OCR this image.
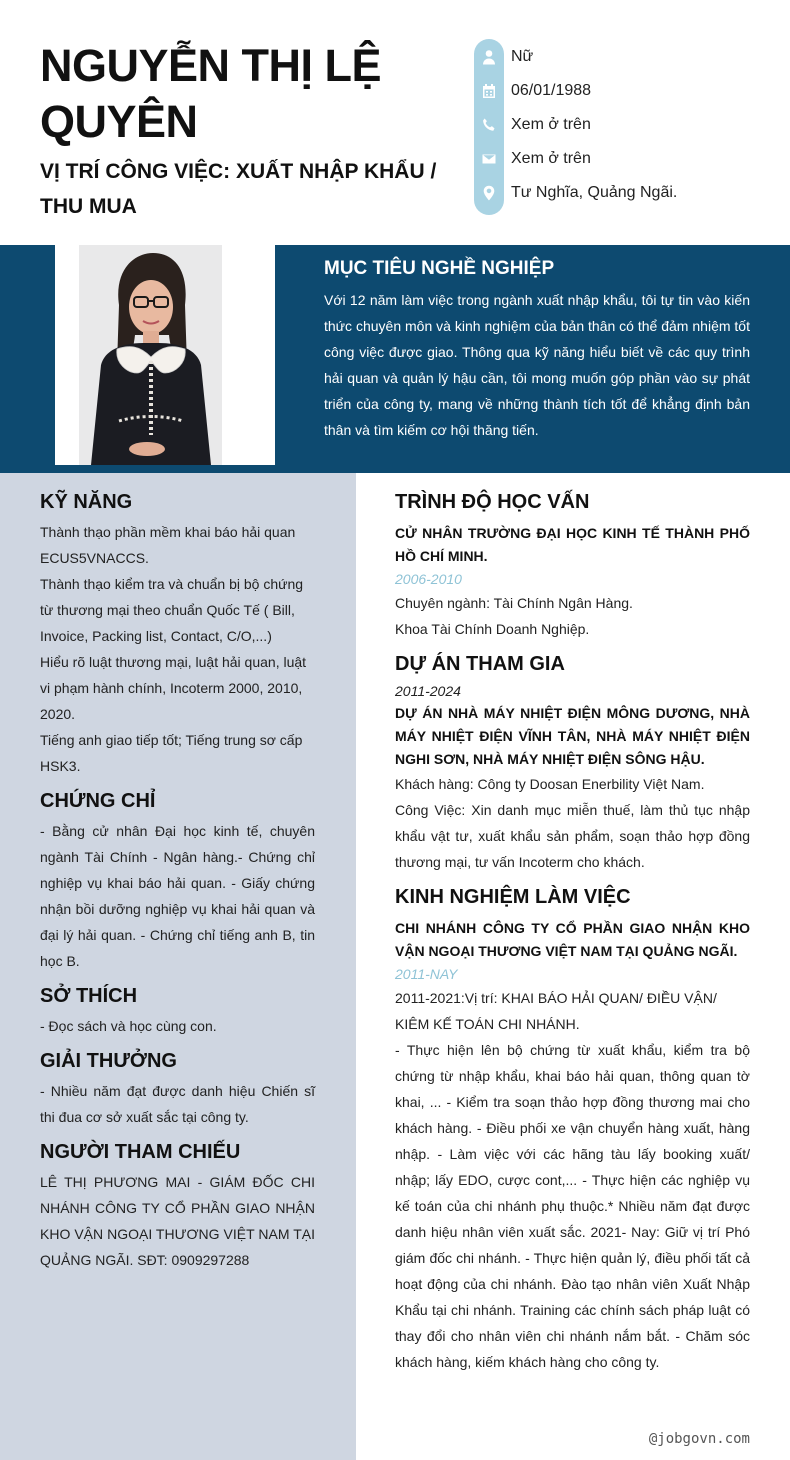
NGUYỄN THỊ LỆ QUYÊN
VỊ TRÍ CÔNG VIỆC: XUẤT NHẬP KHẨU / THU MUA
Nữ
06/01/1988
Xem ở trên
Xem ở trên
Tư Nghĩa, Quảng Ngãi.
MỤC TIÊU NGHỀ NGHIỆP
Với 12 năm làm việc trong ngành xuất nhập khẩu, tôi tự tin vào kiến thức chuyên môn và kinh nghiệm của bản thân có thể đảm nhiệm tốt công việc được giao. Thông qua kỹ năng hiểu biết về các quy trình hải quan và quản lý hậu cần, tôi mong muốn góp phần vào sự phát triển của công ty, mang về những thành tích tốt để khẳng định bản thân và tìm kiếm cơ hội thăng tiến.
KỸ NĂNG
Thành thạo phần mềm khai báo hải quan ECUS5VNACCS.
Thành thạo kiểm tra và chuẩn bị bộ chứng từ thương mại theo chuẩn Quốc Tế ( Bill, Invoice, Packing list, Contact, C/O,...)
Hiểu rõ luật thương mại, luật hải quan, luật vi phạm hành chính, Incoterm 2000, 2010, 2020.
Tiếng anh giao tiếp tốt; Tiếng trung sơ cấp HSK3.
CHỨNG CHỈ
- Bằng cử nhân Đại học kinh tế, chuyên ngành Tài Chính - Ngân hàng.- Chứng chỉ nghiệp vụ khai báo hải quan. - Giấy chứng nhận bồi dưỡng nghiệp vụ khai hải quan và đại lý hải quan. - Chứng chỉ tiếng anh B, tin học B.
SỞ THÍCH
- Đọc sách và học cùng con.
GIẢI THƯỞNG
- Nhiều năm đạt được danh hiệu Chiến sĩ thi đua cơ sở xuất sắc tại công ty.
NGƯỜI THAM CHIẾU
LÊ THỊ PHƯƠNG MAI - GIÁM ĐỐC CHI NHÁNH CÔNG TY CỔ PHẦN GIAO NHẬN KHO VẬN NGOẠI THƯƠNG VIỆT NAM TẠI QUẢNG NGÃI. SĐT: 0909297288
TRÌNH ĐỘ HỌC VẤN
CỬ NHÂN TRƯỜNG ĐẠI HỌC KINH TẾ THÀNH PHỐ HỒ CHÍ MINH.
2006-2010
Chuyên ngành: Tài Chính Ngân Hàng.
Khoa Tài Chính Doanh Nghiệp.
DỰ ÁN THAM GIA
2011-2024
DỰ ÁN NHÀ MÁY NHIỆT ĐIỆN MÔNG DƯƠNG, NHÀ MÁY NHIỆT ĐIỆN VĨNH TÂN, NHÀ MÁY NHIỆT ĐIỆN NGHI SƠN, NHÀ MÁY NHIỆT ĐIỆN SÔNG HẬU.
Khách hàng: Công ty Doosan Enerbility Việt Nam.
Công Việc: Xin danh mục miễn thuế, làm thủ tục nhập khẩu vật tư, xuất khẩu sản phẩm, soạn thảo hợp đồng thương mại, tư vấn Incoterm cho khách.
KINH NGHIỆM LÀM VIỆC
CHI NHÁNH CÔNG TY CỔ PHẦN GIAO NHẬN KHO VẬN NGOẠI THƯƠNG VIỆT NAM TẠI QUẢNG NGÃI.
2011-NAY
2011-2021:Vị trí: KHAI BÁO HẢI QUAN/ ĐIỀU VẬN/ KIÊM KẾ TOÁN CHI NHÁNH.
- Thực hiện lên bộ chứng từ xuất khẩu, kiểm tra bộ chứng từ nhập khẩu, khai báo hải quan, thông quan tờ khai, ... - Kiểm tra soạn thảo hợp đồng thương mai cho khách hàng. - Điều phối xe vận chuyển hàng xuất, hàng nhập. - Làm việc với các hãng tàu lấy booking xuất/ nhập; lấy EDO, cược cont,... - Thực hiện các nghiệp vụ kế toán của chi nhánh phụ thuộc.* Nhiều năm đạt được danh hiệu nhân viên xuất sắc. 2021- Nay: Giữ vị trí Phó giám đốc chi nhánh. - Thực hiện quản lý, điều phối tất cả hoạt động của chi nhánh. Đào tạo nhân viên Xuất Nhập Khẩu tại chi nhánh. Training các chính sách pháp luật có thay đổi cho nhân viên chi nhánh nắm bắt. - Chăm sóc khách hàng, kiếm khách hàng cho công ty.
@jobgovn.com
